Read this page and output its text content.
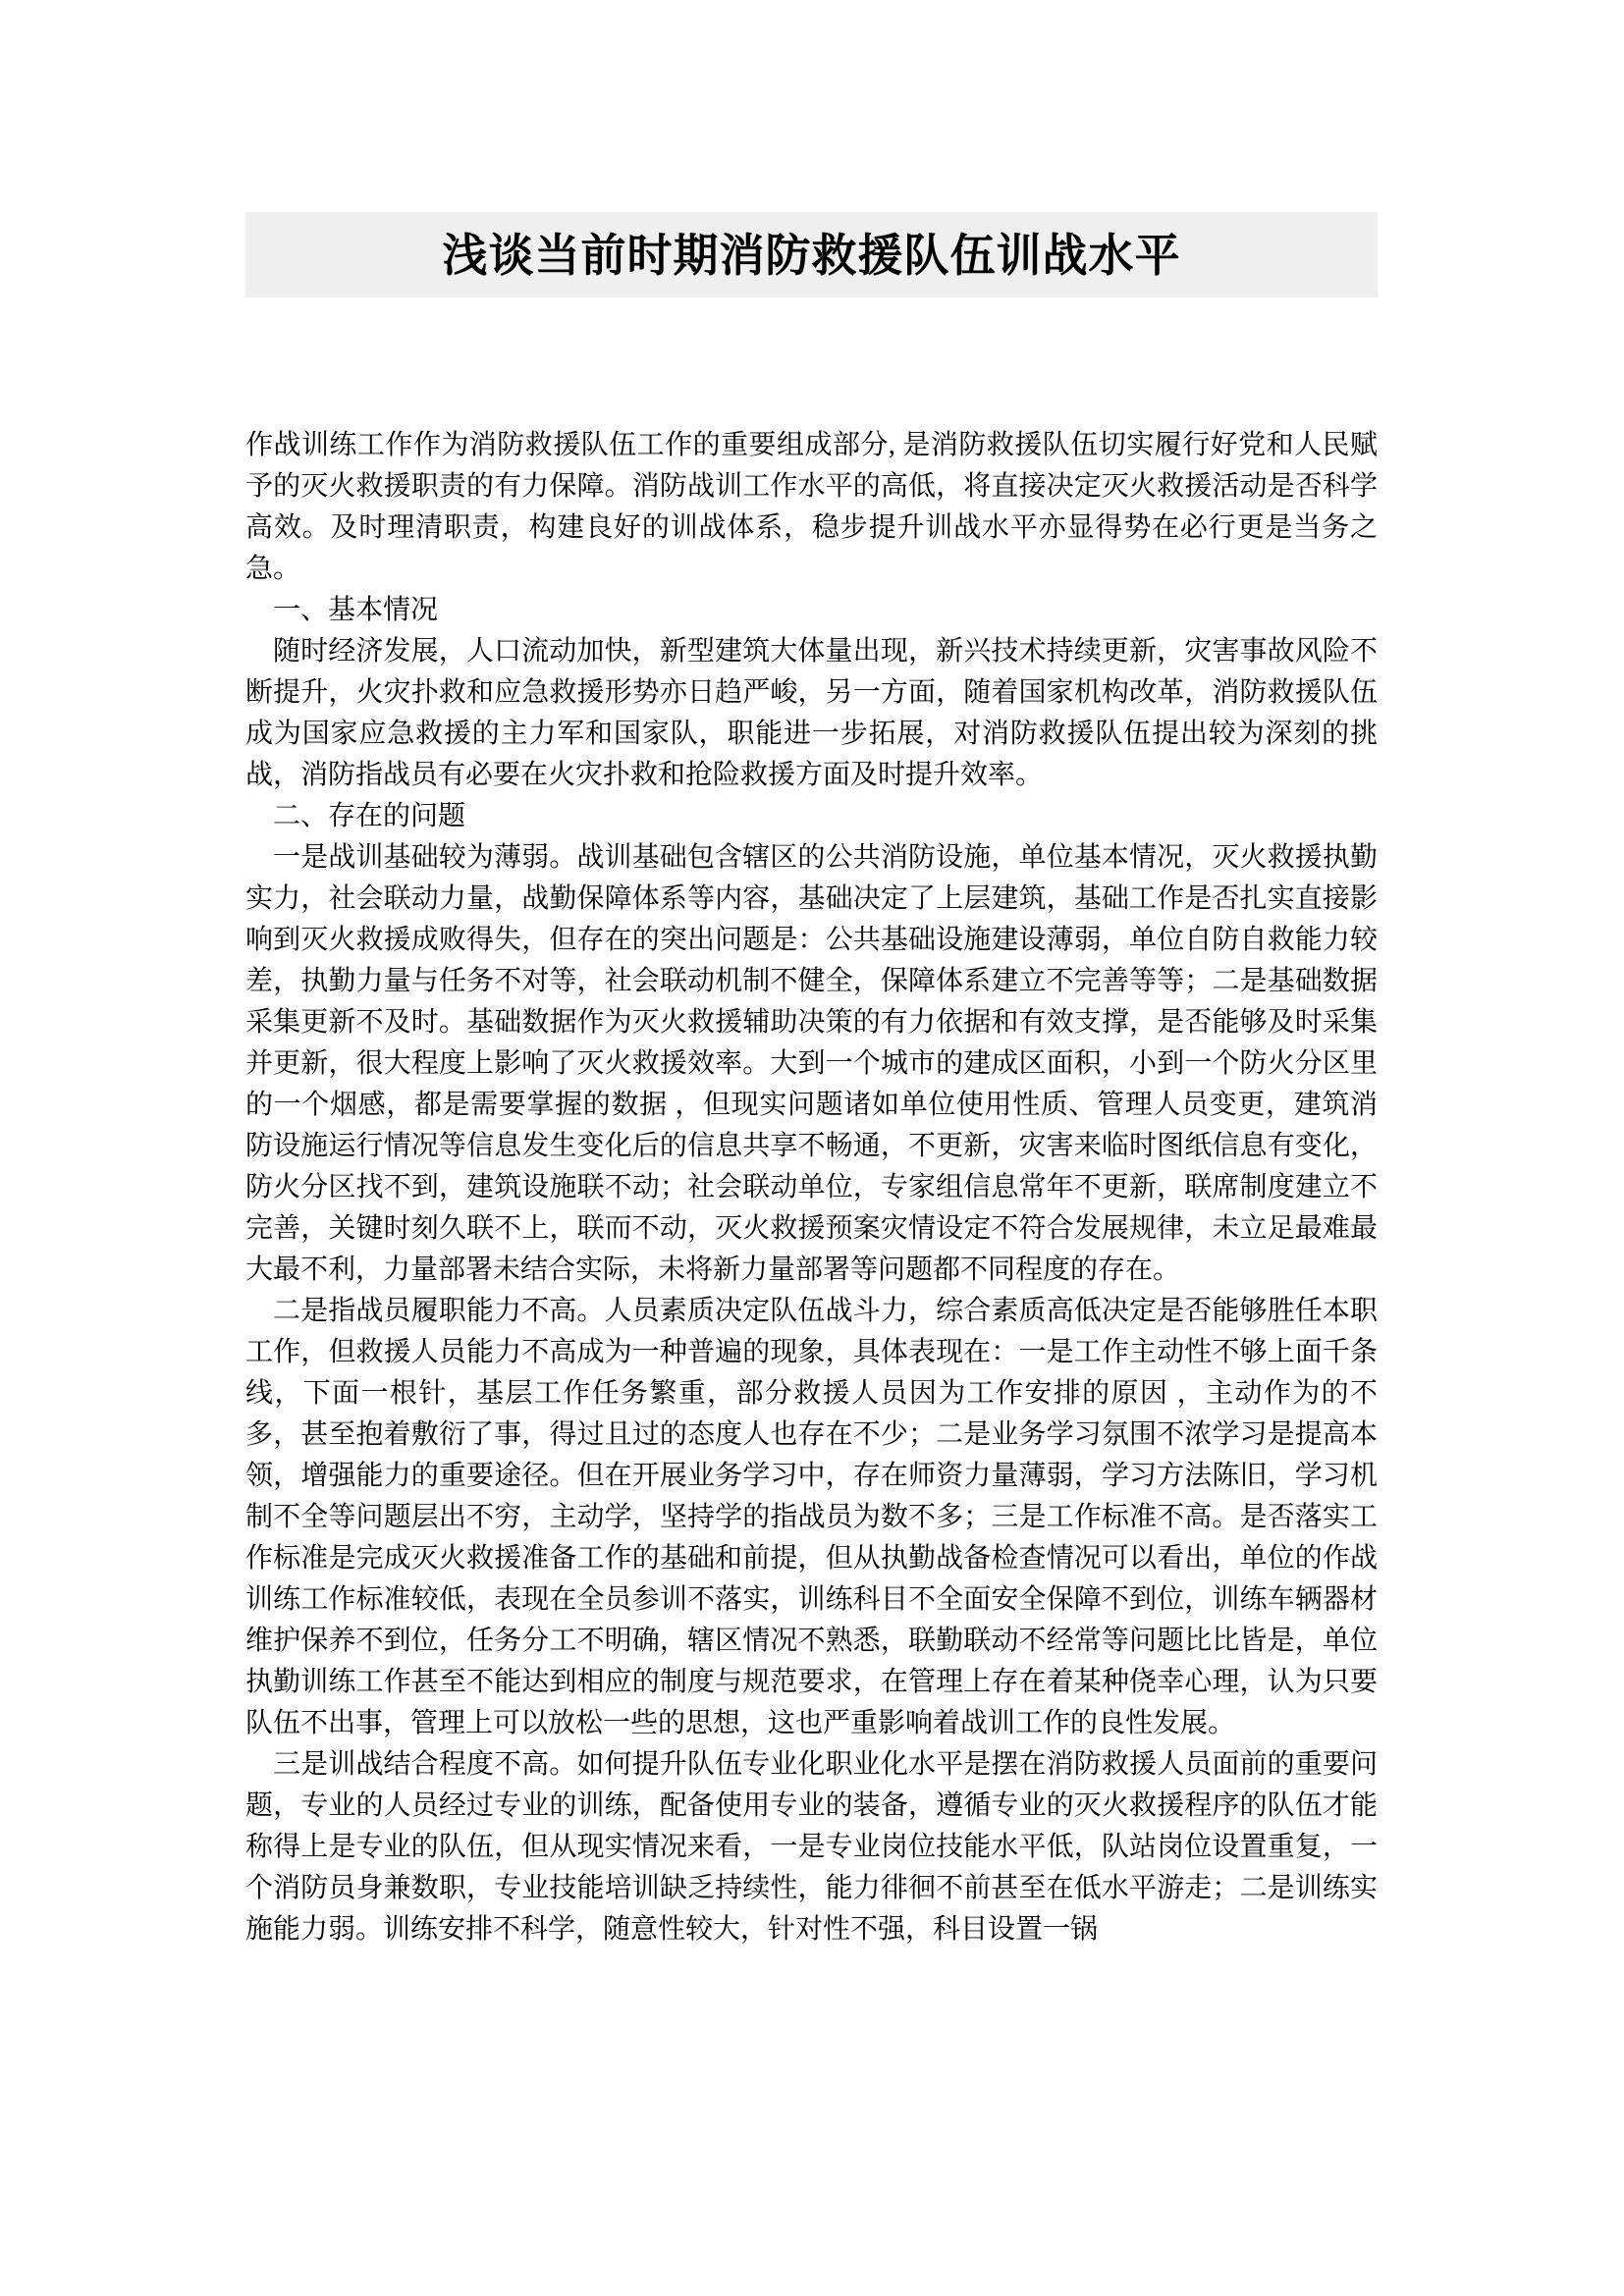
浅谈当前时期消防救援队伍训战水平

作战训练工作作为消防救援队伍工作的重要组成部分, 是消防救援队伍切实履行好党和人民赋予的灭火救援职责的有力保障。消防战训工作水平的高低，将直接决定灭火救援活动是否科学高效。及时理清职责，构建良好的训战体系，稳步提升训战水平亦显得势在必行更是当务之急。

一、基本情况

随时经济发展，人口流动加快，新型建筑大体量出现，新兴技术持续更新，灾害事故风险不断提升，火灾扑救和应急救援形势亦日趋严峻，另一方面，随着国家机构改革，消防救援队伍成为国家应急救援的主力军和国家队，职能进一步拓展，对消防救援队伍提出较为深刻的挑战，消防指战员有必要在火灾扑救和抢险救援方面及时提升效率。

二、存在的问题

一是战训基础较为薄弱。战训基础包含辖区的公共消防设施，单位基本情况，灭火救援执勤实力，社会联动力量，战勤保障体系等内容，基础决定了上层建筑，基础工作是否扎实直接影响到灭火救援成败得失，但存在的突出问题是：公共基础设施建设薄弱，单位自防自救能力较差，执勤力量与任务不对等，社会联动机制不健全，保障体系建立不完善等等；二是基础数据采集更新不及时。基础数据作为灭火救援辅助决策的有力依据和有效支撑，是否能够及时采集并更新，很大程度上影响了灭火救援效率。大到一个城市的建成区面积，小到一个防火分区里的一个烟感，都是需要掌握的数据 ，但现实问题诸如单位使用性质、管理人员变更，建筑消防设施运行情况等信息发生变化后的信息共享不畅通，不更新，灾害来临时图纸信息有变化，防火分区找不到，建筑设施联不动；社会联动单位，专家组信息常年不更新，联席制度建立不完善，关键时刻久联不上，联而不动，灭火救援预案灾情设定不符合发展规律，未立足最难最大最不利，力量部署未结合实际，未将新力量部署等问题都不同程度的存在。

二是指战员履职能力不高。人员素质决定队伍战斗力，综合素质高低决定是否能够胜任本职工作，但救援人员能力不高成为一种普遍的现象，具体表现在：一是工作主动性不够上面千条线，下面一根针，基层工作任务繁重，部分救援人员因为工作安排的原因 ，主动作为的不多，甚至抱着敷衍了事，得过且过的态度人也存在不少；二是业务学习氛围不浓学习是提高本领，增强能力的重要途径。但在开展业务学习中，存在师资力量薄弱，学习方法陈旧，学习机制不全等问题层出不穷，主动学，坚持学的指战员为数不多；三是工作标准不高。是否落实工作标准是完成灭火救援准备工作的基础和前提，但从执勤战备检查情况可以看出，单位的作战训练工作标准较低，表现在全员参训不落实，训练科目不全面安全保障不到位，训练车辆器材维护保养不到位，任务分工不明确，辖区情况不熟悉，联勤联动不经常等问题比比皆是，单位执勤训练工作甚至不能达到相应的制度与规范要求，在管理上存在着某种侥幸心理，认为只要队伍不出事，管理上可以放松一些的思想，这也严重影响着战训工作的良性发展。

三是训战结合程度不高。如何提升队伍专业化职业化水平是摆在消防救援人员面前的重要问题，专业的人员经过专业的训练，配备使用专业的装备，遵循专业的灭火救援程序的队伍才能称得上是专业的队伍，但从现实情况来看，一是专业岗位技能水平低，队站岗位设置重复，一个消防员身兼数职，专业技能培训缺乏持续性，能力徘徊不前甚至在低水平游走；二是训练实施能力弱。训练安排不科学，随意性较大，针对性不强，科目设置一锅
